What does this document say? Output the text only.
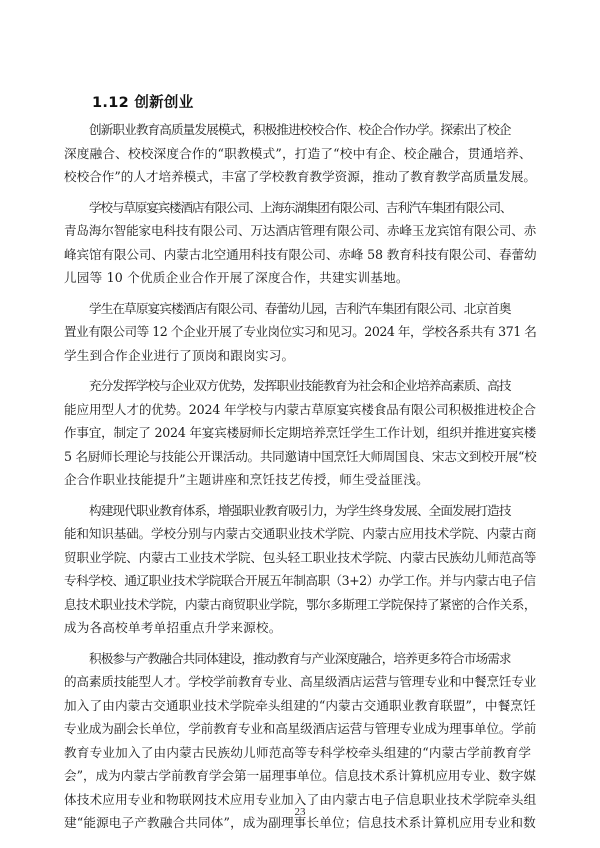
1.12 创新创业
创新职业教育高质量发展模式，积极推进校校合作、校企合作办学。探索出了校企
深度融合、校校深度合作的“职教模式”，打造了“校中有企、校企融合，贯通培养、
校校合作”的人才培养模式，丰富了学校教育教学资源，推动了教育教学高质量发展。
学校与草原宴宾楼酒店有限公司、上海东湖集团有限公司、吉利汽车集团有限公司、
青岛海尔智能家电科技有限公司、万达酒店管理有限公司、赤峰玉龙宾馆有限公司、赤
峰宾馆有限公司、内蒙古北空通用科技有限公司、赤峰 58 教育科技有限公司、春蕾幼
儿园等 10 个优质企业合作开展了深度合作，共建实训基地。
学生在草原宴宾楼酒店有限公司、春蕾幼儿园，吉利汽车集团有限公司、北京首奥
置业有限公司等 12 个企业开展了专业岗位实习和见习。2024 年，学校各系共有 371 名
学生到合作企业进行了顶岗和跟岗实习。
充分发挥学校与企业双方优势，发挥职业技能教育为社会和企业培养高素质、高技
能应用型人才的优势。2024 年学校与内蒙古草原宴宾楼食品有限公司积极推进校企合
作事宜，制定了 2024 年宴宾楼厨师长定期培养烹饪学生工作计划，组织并推进宴宾楼
5 名厨师长理论与技能公开课活动。共同邀请中国烹饪大师周国良、宋志文到校开展“校
企合作职业技能提升”主题讲座和烹饪技艺传授，师生受益匪浅。
构建现代职业教育体系，增强职业教育吸引力，为学生终身发展、全面发展打造技
能和知识基础。学校分别与内蒙古交通职业技术学院、内蒙古应用技术学院、内蒙古商
贸职业学院、内蒙古工业技术学院、包头轻工职业技术学院、内蒙古民族幼儿师范高等
专科学校、通辽职业技术学院联合开展五年制高职（3+2）办学工作。并与内蒙古电子信
息技术职业技术学院，内蒙古商贸职业学院，鄂尔多斯理工学院保持了紧密的合作关系，
成为各高校单考单招重点升学来源校。
积极参与产教融合共同体建设，推动教育与产业深度融合，培养更多符合市场需求
的高素质技能型人才。学校学前教育专业、高星级酒店运营与管理专业和中餐烹饪专业
加入了由内蒙古交通职业技术学院牵头组建的“内蒙古交通职业教育联盟”，中餐烹饪
专业成为副会长单位，学前教育专业和高星级酒店运营与管理专业成为理事单位。学前
教育专业加入了由内蒙古民族幼儿师范高等专科学校牵头组建的“内蒙古学前教育学
会”，成为内蒙古学前教育学会第一届理事单位。信息技术系计算机应用专业、数字媒
体技术应用专业和物联网技术应用专业加入了由内蒙古电子信息职业技术学院牵头组
建“能源电子产教融合共同体”，成为副理事长单位；信息技术系计算机应用专业和数
23
